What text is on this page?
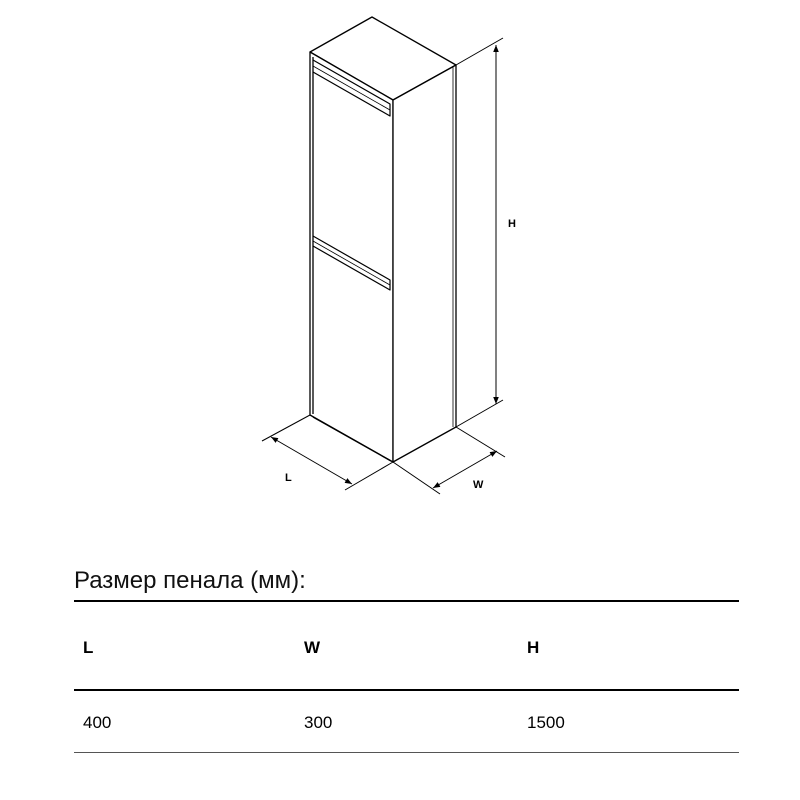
H
L
W
Размер пенала (мм):
L	W	H
400	300	1500
